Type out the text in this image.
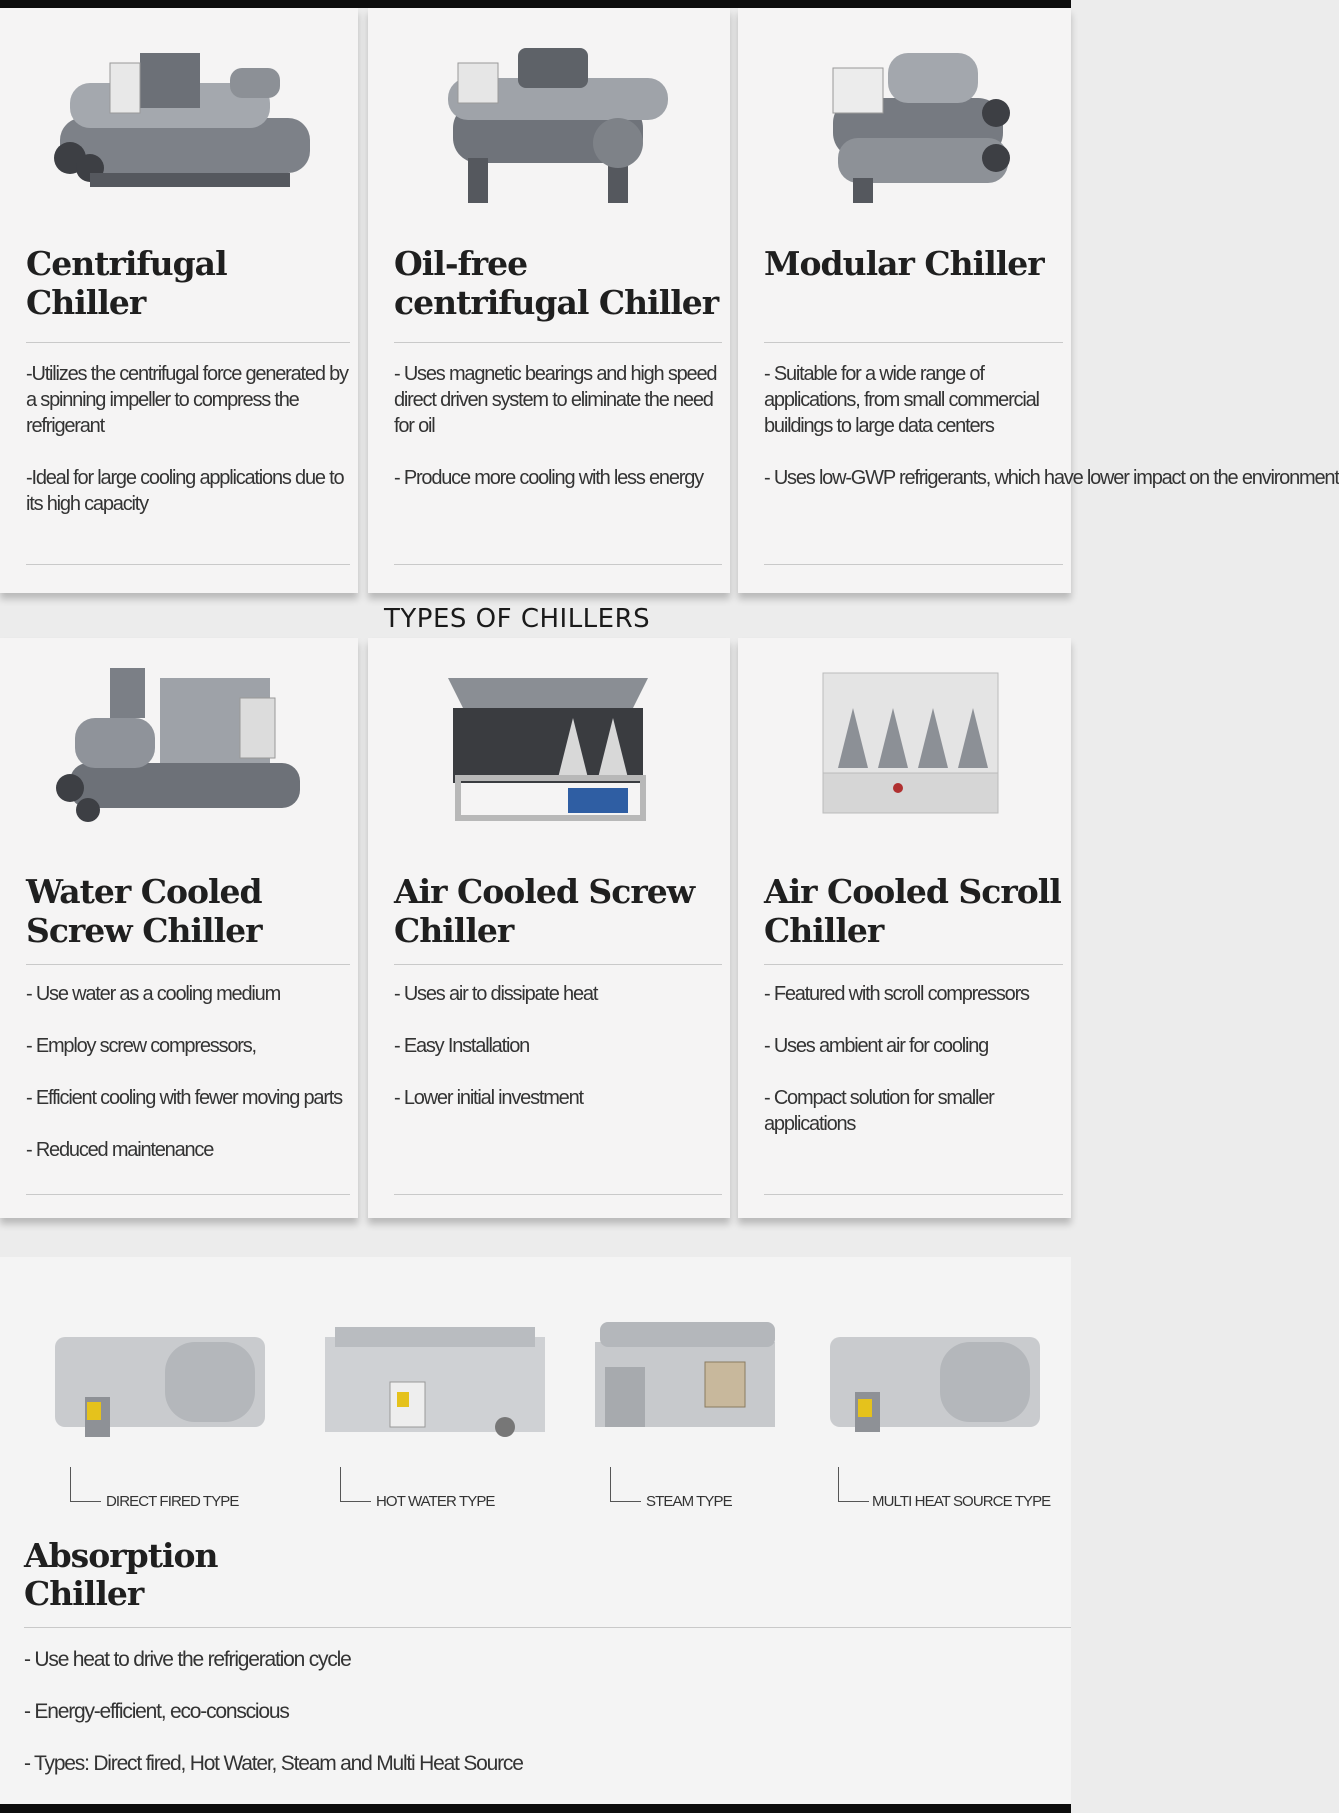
Centrifugal Chiller

-Utilizes the centrifugal force generated by a spinning impeller to compress the refrigerant

-Ideal for large cooling applications due to its high capacity

Oil-free centrifugal Chiller

- Uses magnetic bearings and high speed direct driven system to eliminate the need for oil

- Produce more cooling with less energy

Modular Chiller

- Suitable for a wide range of applications, from small commercial buildings to large data centers

- Uses low-GWP refrigerants, which have lower impact on the environment

TYPES OF CHILLERS
Water Cooled Screw Chiller

- Use water as a cooling medium

- Employ screw compressors,

- Efficient cooling with fewer moving parts

- Reduced maintenance

Air Cooled Screw Chiller

- Uses air to dissipate heat

- Easy Installation

- Lower initial investment

Air Cooled Scroll Chiller

- Featured with scroll compressors

- Uses ambient air for cooling

- Compact solution for smaller applications

DIRECT FIRED TYPE	HOT WATER TYPE	STEAM TYPE	MULTI HEAT SOURCE TYPE
Absorption Chiller

- Use heat to drive the refrigeration cycle

- Energy-efficient, eco-conscious

- Types: Direct fired, Hot Water, Steam and Multi Heat Source
